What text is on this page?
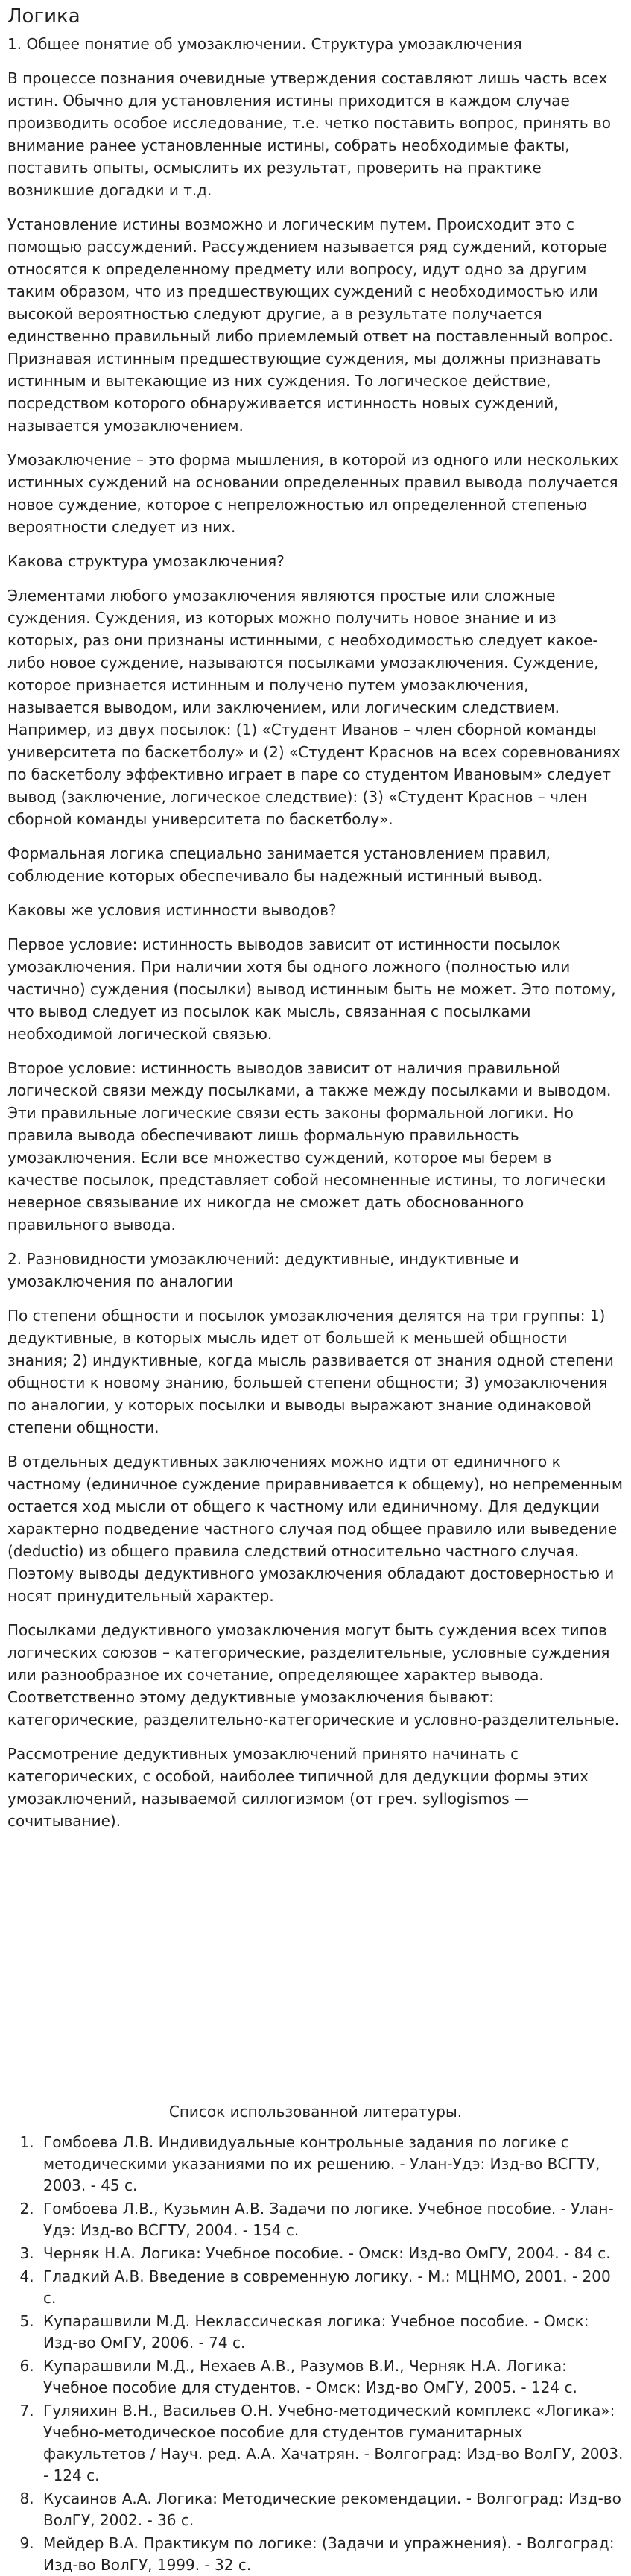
Логика

1. Общее понятие об умозаключении. Структура умозаключения

В процессе познания очевидные утверждения составляют лишь часть всех истин. Обычно для установления истины приходится в каждом случае производить особое исследование, т.е. четко поставить вопрос, принять во внимание ранее установленные истины, собрать необходимые факты, поставить опыты, осмыслить их результат, проверить на практике возникшие догадки и т.д.

Установление истины возможно и логическим путем. Происходит это с помощью рассуждений. Рассуждением называется ряд суждений, которые относятся к определенному предмету или вопросу, идут одно за другим таким образом, что из предшествующих суждений с необходимостью или высокой вероятностью следуют другие, а в результате получается единственно правильный либо приемлемый ответ на поставленный вопрос.
Признавая истинным предшествующие суждения, мы должны признавать истинным и вытекающие из них суждения. То логическое действие, посредством которого обнаруживается истинность новых суждений, называется умозаключением.

Умозаключение – это форма мышления, в которой из одного или нескольких истинных суждений на основании определенных правил вывода получается новое суждение, которое с непреложностью ил определенной степенью вероятности следует из них.

Какова структура умозаключения?

Элементами любого умозаключения являются простые или сложные суждения. Суждения, из которых можно получить новое знание и из которых, раз они признаны истинными, с необходимостью следует какое-либо новое суждение, называются посылками умозаключения. Суждение, которое признается истинным и получено путем умозаключения, называется выводом, или заключением, или логическим следствием. Например, из двух посылок: (1) «Студент Иванов – член сборной команды университета по баскетболу» и (2) «Студент Краснов на всех соревнованиях по баскетболу эффективно играет в паре со студентом Ивановым» следует вывод (заключение, логическое следствие): (3) «Студент Краснов – член сборной команды университета по баскетболу».

Формальная логика специально занимается установлением правил, соблюдение которых обеспечивало бы надежный истинный вывод.

Каковы же условия истинности выводов?

Первое условие: истинность выводов зависит от истинности посылок умозаключения. При наличии хотя бы одного ложного (полностью или частично) суждения (посылки) вывод истинным быть не может. Это потому, что вывод следует из посылок как мысль, связанная с посылками необходимой логической связью.

Второе условие: истинность выводов зависит от наличия правильной логической связи между посылками, а также между посылками и выводом. Эти правильные логические связи есть законы формальной логики. Но правила вывода обеспечивают лишь формальную правильность умозаключения. Если все множество суждений, которое мы берем в качестве посылок, представляет собой несомненные истины, то логически неверное связывание их никогда не сможет дать обоснованного правильного вывода.

2. Разновидности умозаключений: дедуктивные, индуктивные и умозаключения по аналогии

По степени общности и посылок умозаключения делятся на три группы: 1) дедуктивные, в которых мысль идет от большей к меньшей общности знания; 2) индуктивные, когда мысль развивается от знания одной степени общности к новому знанию, большей степени общности; 3) умозаключения по аналогии, у которых посылки и выводы выражают знание одинаковой степени общности.

В отдельных дедуктивных заключениях можно идти от единичного к частному (единичное суждение приравнивается к общему), но непременным остается ход мысли от общего к частному или единичному. Для дедукции характерно подведение частного случая под общее правило или выведение (deductio) из общего правила следствий относительно частного случая. Поэтому выводы дедуктивного умозаключения обладают достоверностью и носят принудительный характер.

Посылками дедуктивного умозаключения могут быть суждения всех типов логических союзов – категорические, разделительные, условные суждения или разнообразное их сочетание, определяющее характер вывода. Соответственно этому дедуктивные умозаключения бывают: категорические, разделительно-категорические и условно-разделительные.

Рассмотрение дедуктивных умозаключений принято начинать с категорических, с особой, наиболее типичной для дедукции формы этих умозаключений, называемой силлогизмом (от греч. syllogismos — сочитывание).

Список использованной литературы.

1. Гомбоева Л.В. Индивидуальные контрольные задания по логике с методическими указаниями по их решению. - Улан-Удэ: Изд-во ВСГТУ, 2003. - 45 с.
2. Гомбоева Л.В., Кузьмин А.В. Задачи по логике. Учебное пособие. - Улан-Удэ: Изд-во ВСГТУ, 2004. - 154 с.
3. Черняк Н.А. Логика: Учебное пособие. - Омск: Изд-во ОмГУ, 2004. - 84 с.
4. Гладкий А.В. Введение в современную логику. - М.: МЦНМО, 2001. - 200 с.
5. Купарашвили М.Д. Неклассическая логика: Учебное пособие. - Омск: Изд-во ОмГУ, 2006. - 74 с.
6. Купарашвили М.Д., Нехаев А.В., Разумов В.И., Черняк Н.А. Логика: Учебное пособие для студентов. - Омск: Изд-во ОмГУ, 2005. - 124 с.
7. Гуляихин В.Н., Васильев О.Н. Учебно-методический комплекс «Логика»: Учебно-методическое пособие для студентов гуманитарных факультетов / Науч. ред. А.А. Хачатрян. - Волгоград: Изд-во ВолГУ, 2003. - 124 с.
8. Кусаинов А.А. Логика: Методические рекомендации. - Волгоград: Изд-во ВолГУ, 2002. - 36 с.
9. Мейдер В.А. Практикум по логике: (Задачи и упражнения). - Волгоград: Изд-во ВолГУ, 1999. - 32 с.
